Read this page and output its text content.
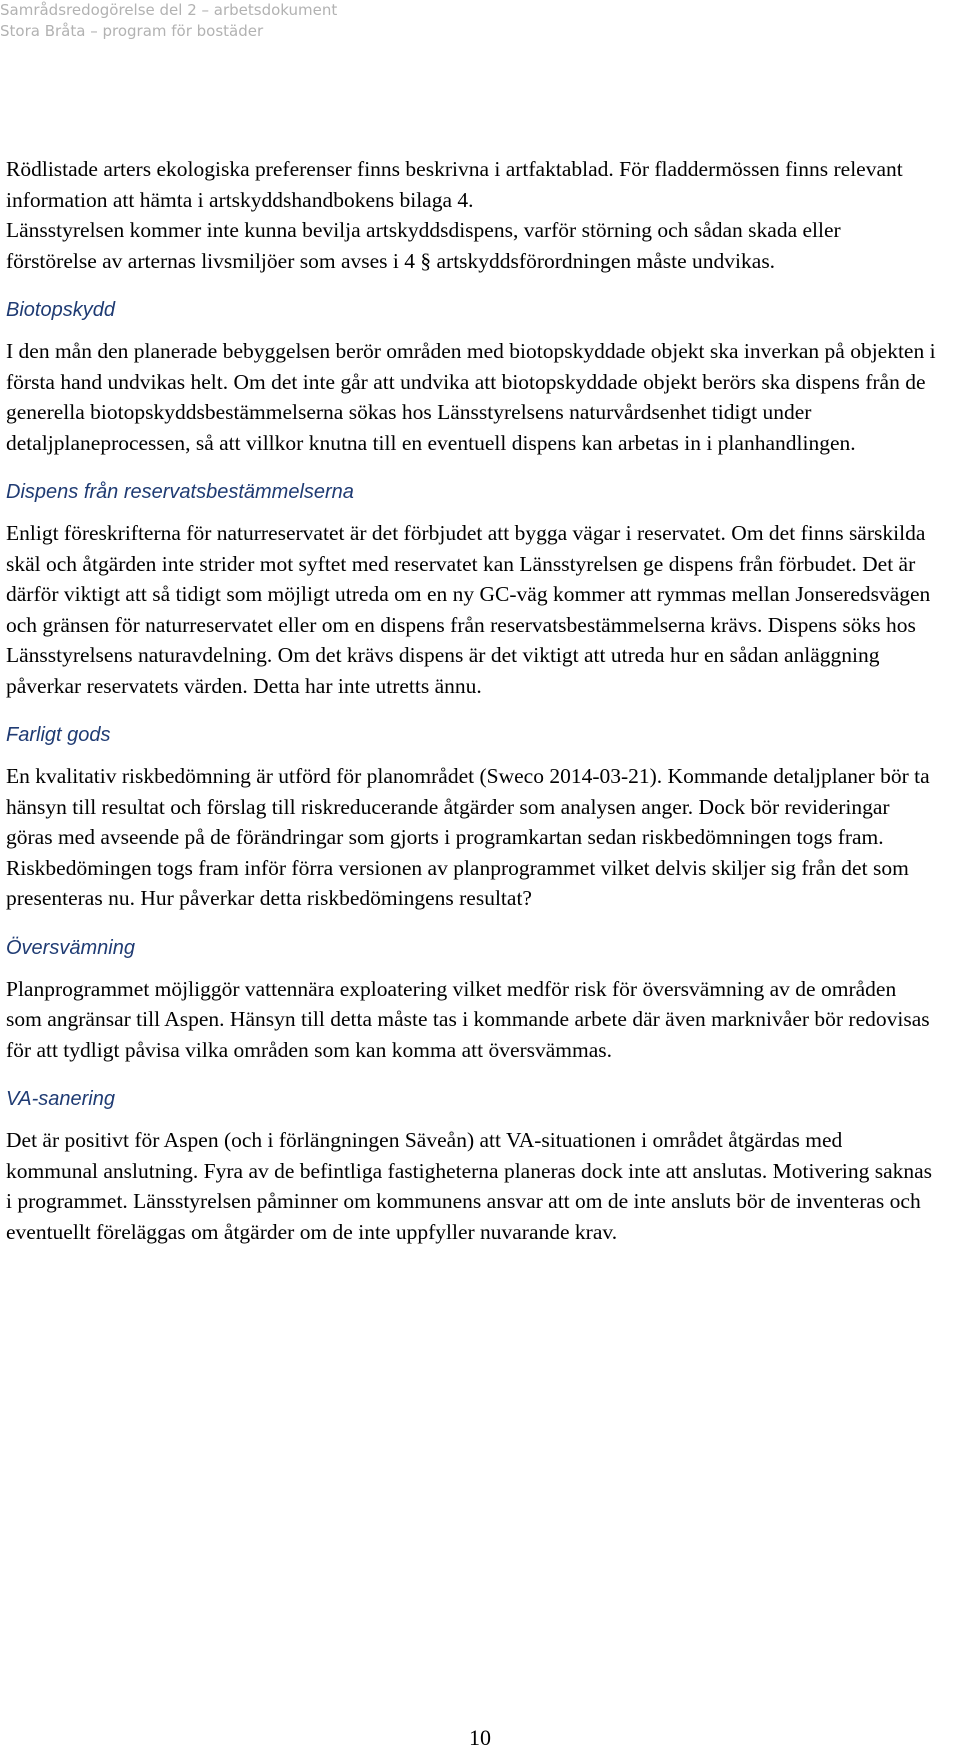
Samrådsredogörelse del 2 – arbetsdokument
Stora Bråta – program för bostäder

Rödlistade arters ekologiska preferenser finns beskrivna i artfaktablad. För fladdermössen finns relevant information att hämta i artskyddshandbokens bilaga 4.

Länsstyrelsen kommer inte kunna bevilja artskyddsdispens, varför störning och sådan skada eller förstörelse av arternas livsmiljöer som avses i 4 § artskyddsförordningen måste undvikas.

Biotopskydd

I den mån den planerade bebyggelsen berör områden med biotopskyddade objekt ska inverkan på objekten i första hand undvikas helt. Om det inte går att undvika att biotopskyddade objekt berörs ska dispens från de generella biotopskyddsbestämmelserna sökas hos Länsstyrelsens naturvårdsenhet tidigt under detaljplaneprocessen, så att villkor knutna till en eventuell dispens kan arbetas in i planhandlingen.

Dispens från reservatsbestämmelserna

Enligt föreskrifterna för naturreservatet är det förbjudet att bygga vägar i reservatet. Om det finns särskilda skäl och åtgärden inte strider mot syftet med reservatet kan Länsstyrelsen ge dispens från förbudet. Det är därför viktigt att så tidigt som möjligt utreda om en ny GC-väg kommer att rymmas mellan Jonseredsvägen och gränsen för naturreservatet eller om en dispens från reservatsbestämmelserna krävs. Dispens söks hos Länsstyrelsens naturavdelning. Om det krävs dispens är det viktigt att utreda hur en sådan anläggning påverkar reservatets värden. Detta har inte utretts ännu.

Farligt gods

En kvalitativ riskbedömning är utförd för planområdet (Sweco 2014-03-21). Kommande detaljplaner bör ta hänsyn till resultat och förslag till riskreducerande åtgärder som analysen anger. Dock bör revideringar göras med avseende på de förändringar som gjorts i programkartan sedan riskbedömningen togs fram. Riskbedömingen togs fram inför förra versionen av planprogrammet vilket delvis skiljer sig från det som presenteras nu. Hur påverkar detta riskbedömingens resultat?

Översvämning

Planprogrammet möjliggör vattennära exploatering vilket medför risk för översvämning av de områden som angränsar till Aspen. Hänsyn till detta måste tas i kommande arbete där även marknivåer bör redovisas för att tydligt påvisa vilka områden som kan komma att översvämmas.

VA-sanering

Det är positivt för Aspen (och i förlängningen Säveån) att VA-situationen i området åtgärdas med kommunal anslutning. Fyra av de befintliga fastigheterna planeras dock inte att anslutas. Motivering saknas i programmet. Länsstyrelsen påminner om kommunens ansvar att om de inte ansluts bör de inventeras och eventuellt föreläggas om åtgärder om de inte uppfyller nuvarande krav.

10
